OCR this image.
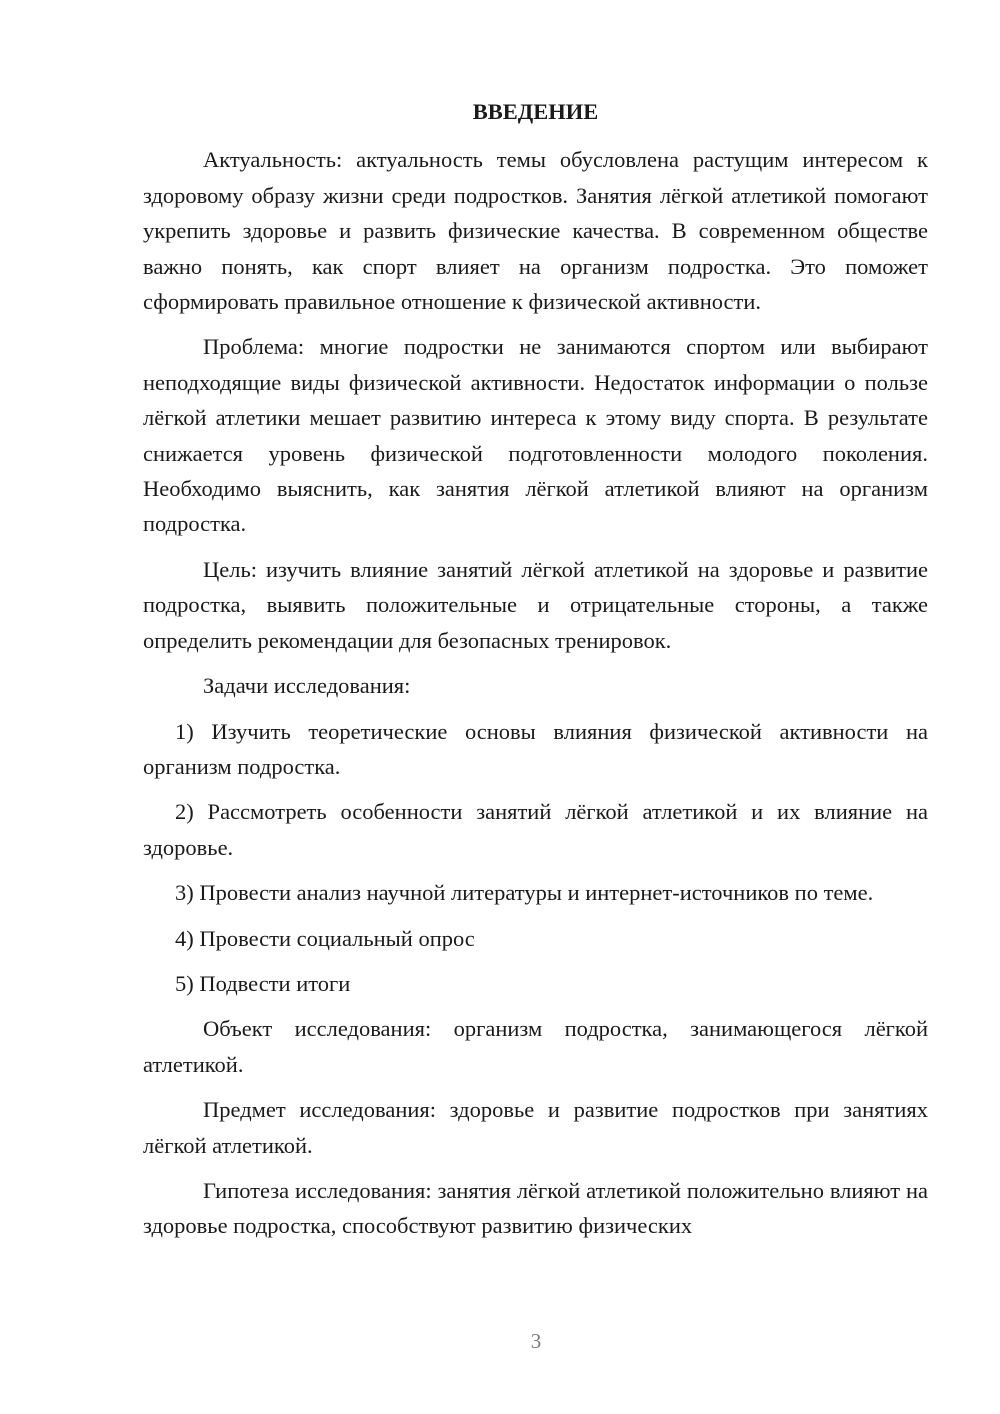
ВВЕДЕНИЕ

Актуальность: актуальность темы обусловлена растущим интересом к здоровому образу жизни среди подростков. Занятия лёгкой атлетикой помогают укрепить здоровье и развить физические качества. В современном обществе важно понять, как спорт влияет на организм подростка. Это поможет сформировать правильное отношение к физической активности.

Проблема: многие подростки не занимаются спортом или выбирают неподходящие виды физической активности. Недостаток информации о пользе лёгкой атлетики мешает развитию интереса к этому виду спорта. В результате снижается уровень физической подготовленности молодого поколения. Необходимо выяснить, как занятия лёгкой атлетикой влияют на организм подростка.

Цель: изучить влияние занятий лёгкой атлетикой на здоровье и развитие подростка, выявить положительные и отрицательные стороны, а также определить рекомендации для безопасных тренировок.

Задачи исследования:

1) Изучить теоретические основы влияния физической активности на организм подростка.

2) Рассмотреть особенности занятий лёгкой атлетикой и их влияние на здоровье.

3) Провести анализ научной литературы и интернет-источников по теме.

4) Провести социальный опрос

5) Подвести итоги

Объект исследования: организм подростка, занимающегося лёгкой атлетикой.

Предмет исследования: здоровье и развитие подростков при занятиях лёгкой атлетикой.

Гипотеза исследования: занятия лёгкой атлетикой положительно влияют на здоровье подростка, способствуют развитию физических

3
